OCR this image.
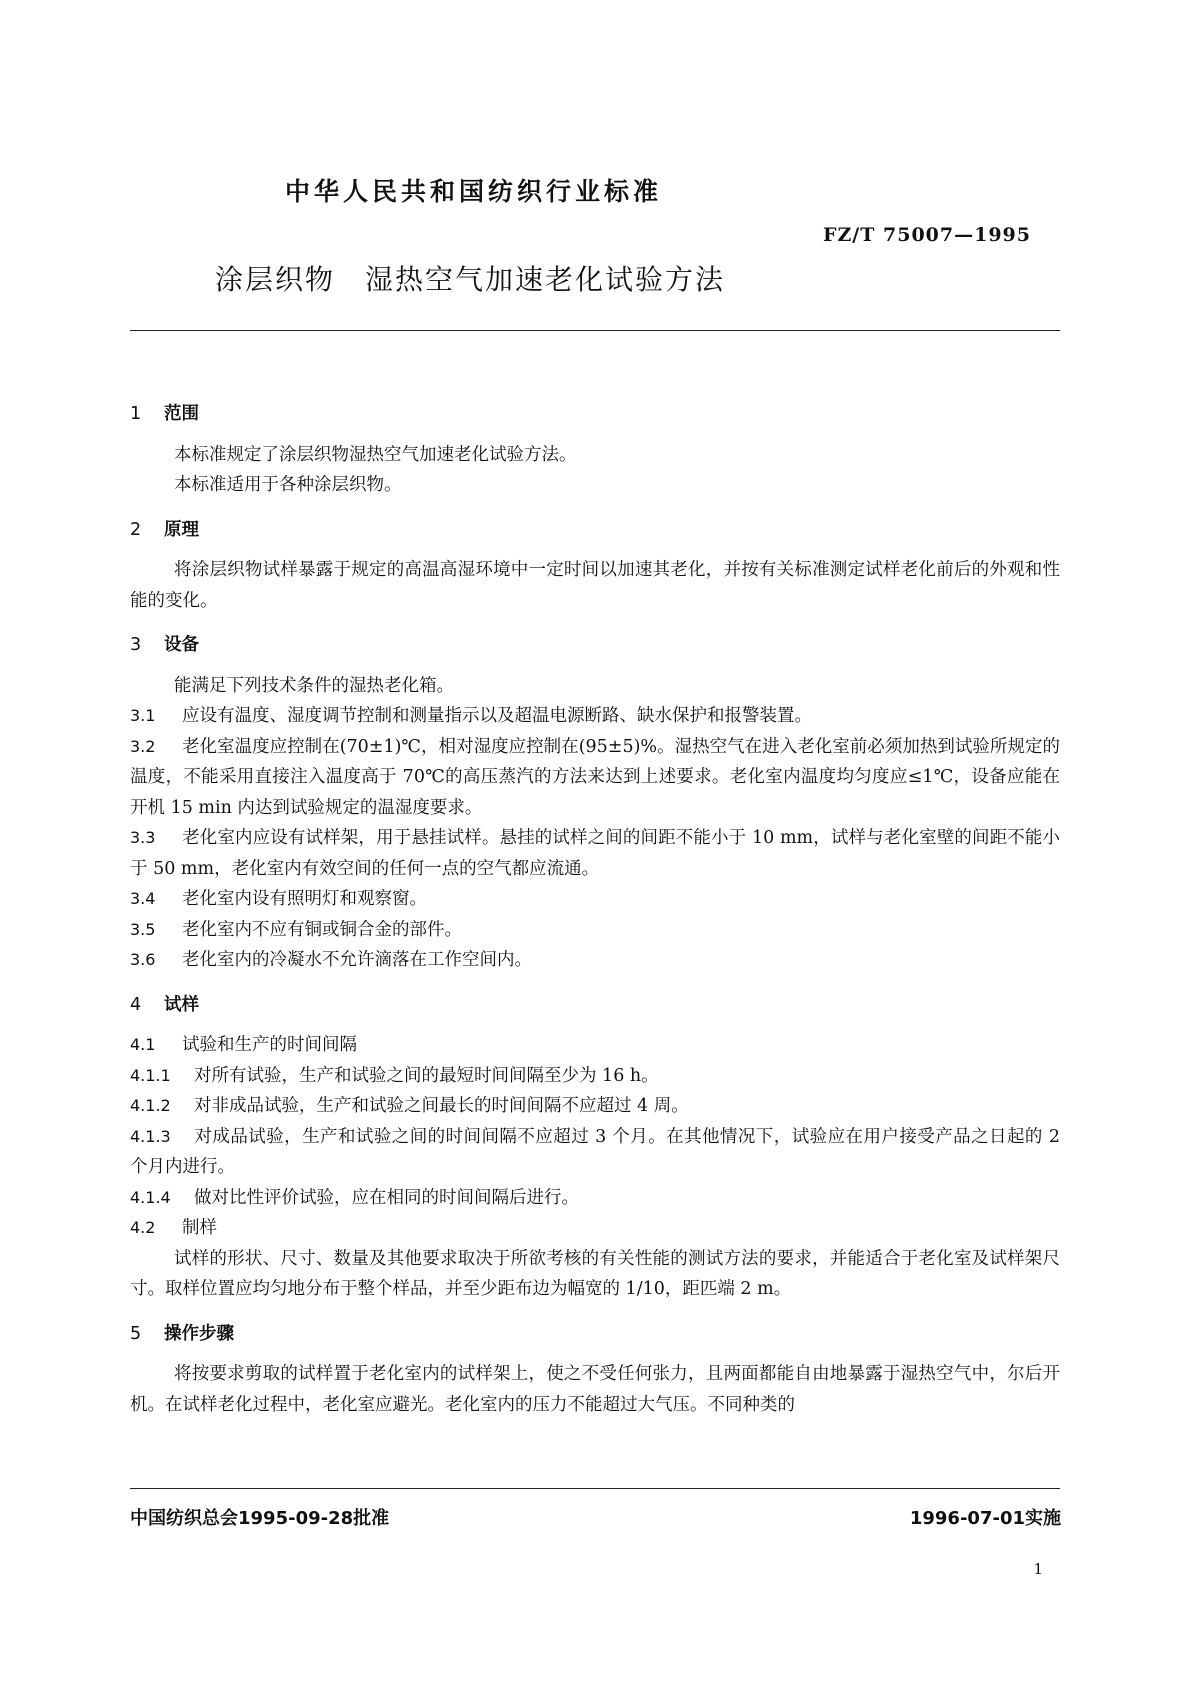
中华人民共和国纺织行业标准
FZ/T 75007—1995
涂层织物　湿热空气加速老化试验方法
1 范围
本标准规定了涂层织物湿热空气加速老化试验方法。
本标准适用于各种涂层织物。
2 原理
将涂层织物试样暴露于规定的高温高湿环境中一定时间以加速其老化，并按有关标准测定试样老化前后的外观和性能的变化。
3 设备
能满足下列技术条件的湿热老化箱。
3.1 应设有温度、湿度调节控制和测量指示以及超温电源断路、缺水保护和报警装置。
3.2 老化室温度应控制在(70±1)℃，相对湿度应控制在(95±5)%。湿热空气在进入老化室前必须加热到试验所规定的温度，不能采用直接注入温度高于 70℃的高压蒸汽的方法来达到上述要求。老化室内温度均匀度应≤1℃，设备应能在开机 15 min 内达到试验规定的温湿度要求。
3.3 老化室内应设有试样架，用于悬挂试样。悬挂的试样之间的间距不能小于 10 mm，试样与老化室壁的间距不能小于 50 mm，老化室内有效空间的任何一点的空气都应流通。
3.4 老化室内设有照明灯和观察窗。
3.5 老化室内不应有铜或铜合金的部件。
3.6 老化室内的冷凝水不允许滴落在工作空间内。
4 试样
4.1 试验和生产的时间间隔
4.1.1 对所有试验，生产和试验之间的最短时间间隔至少为 16 h。
4.1.2 对非成品试验，生产和试验之间最长的时间间隔不应超过 4 周。
4.1.3 对成品试验，生产和试验之间的时间间隔不应超过 3 个月。在其他情况下，试验应在用户接受产品之日起的 2 个月内进行。
4.1.4 做对比性评价试验，应在相同的时间间隔后进行。
4.2 制样
试样的形状、尺寸、数量及其他要求取决于所欲考核的有关性能的测试方法的要求，并能适合于老化室及试样架尺寸。取样位置应均匀地分布于整个样品，并至少距布边为幅宽的 1/10，距匹端 2 m。
5 操作步骤
将按要求剪取的试样置于老化室内的试样架上，使之不受任何张力，且两面都能自由地暴露于湿热空气中，尔后开机。在试样老化过程中，老化室应避光。老化室内的压力不能超过大气压。不同种类的
中国纺织总会1995-09-28批准	1996-07-01实施
1
